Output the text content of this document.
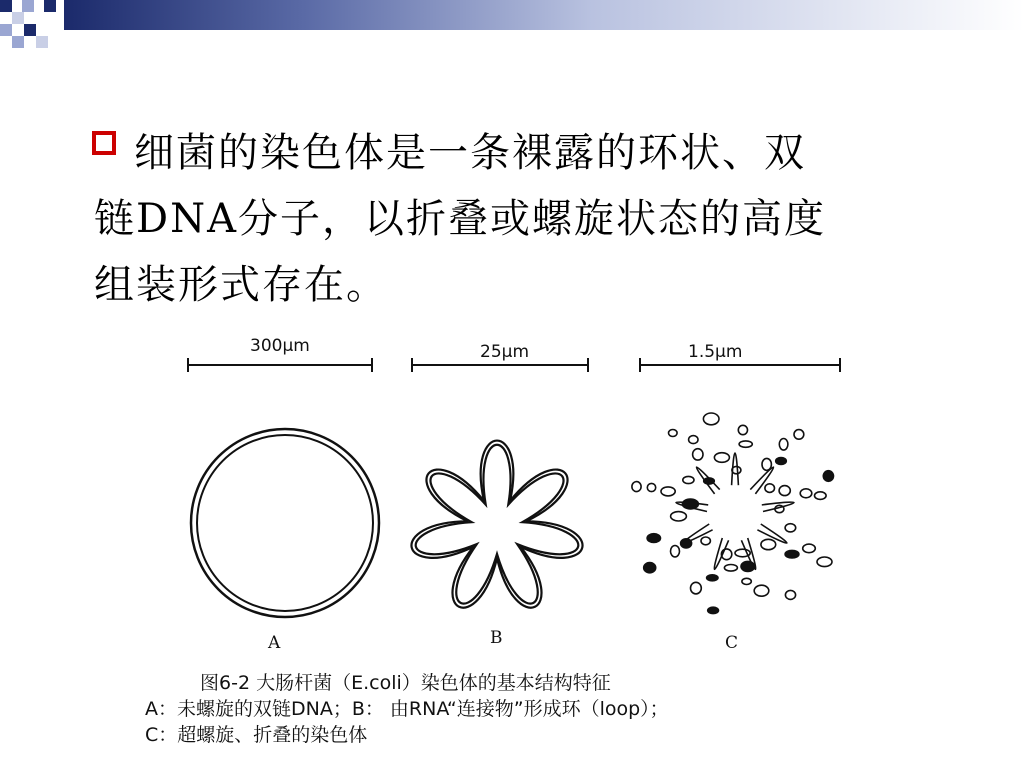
细菌的染色体是一条裸露的环状、双
链DNA分子，以折叠或螺旋状态的高度
组装形式存在。
300μm	25μm	1.5μm
A	B	C
图6-2 大肠杆菌（E.coli）染色体的基本结构特征
A：未螺旋的双链DNA；B： 由RNA“连接物”形成环（loop）；
C：超螺旋、折叠的染色体
